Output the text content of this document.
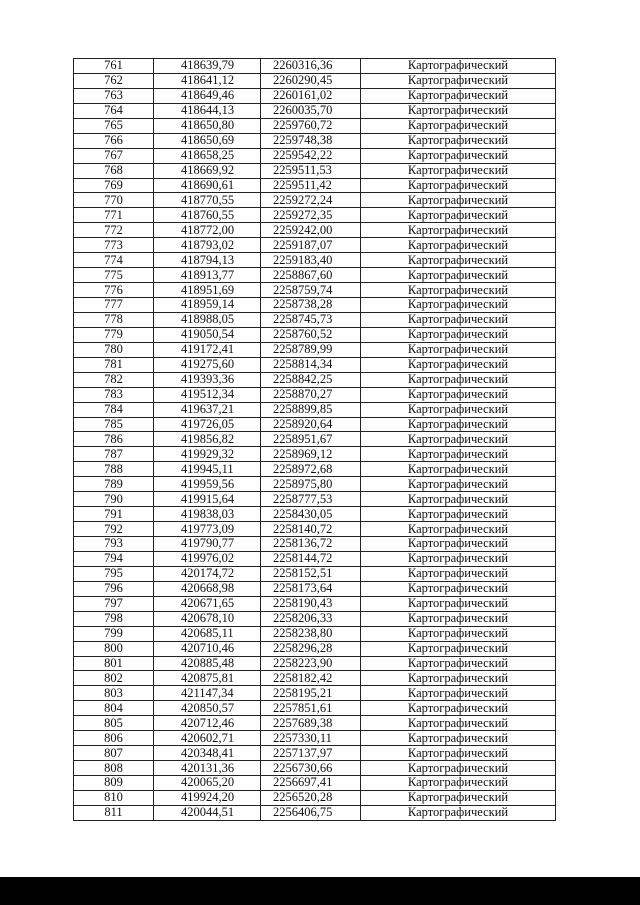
761	418639,79	2260316,36	Картографический
762	418641,12	2260290,45	Картографический
763	418649,46	2260161,02	Картографический
764	418644,13	2260035,70	Картографический
765	418650,80	2259760,72	Картографический
766	418650,69	2259748,38	Картографический
767	418658,25	2259542,22	Картографический
768	418669,92	2259511,53	Картографический
769	418690,61	2259511,42	Картографический
770	418770,55	2259272,24	Картографический
771	418760,55	2259272,35	Картографический
772	418772,00	2259242,00	Картографический
773	418793,02	2259187,07	Картографический
774	418794,13	2259183,40	Картографический
775	418913,77	2258867,60	Картографический
776	418951,69	2258759,74	Картографический
777	418959,14	2258738,28	Картографический
778	418988,05	2258745,73	Картографический
779	419050,54	2258760,52	Картографический
780	419172,41	2258789,99	Картографический
781	419275,60	2258814,34	Картографический
782	419393,36	2258842,25	Картографический
783	419512,34	2258870,27	Картографический
784	419637,21	2258899,85	Картографический
785	419726,05	2258920,64	Картографический
786	419856,82	2258951,67	Картографический
787	419929,32	2258969,12	Картографический
788	419945,11	2258972,68	Картографический
789	419959,56	2258975,80	Картографический
790	419915,64	2258777,53	Картографический
791	419838,03	2258430,05	Картографический
792	419773,09	2258140,72	Картографический
793	419790,77	2258136,72	Картографический
794	419976,02	2258144,72	Картографический
795	420174,72	2258152,51	Картографический
796	420668,98	2258173,64	Картографический
797	420671,65	2258190,43	Картографический
798	420678,10	2258206,33	Картографический
799	420685,11	2258238,80	Картографический
800	420710,46	2258296,28	Картографический
801	420885,48	2258223,90	Картографический
802	420875,81	2258182,42	Картографический
803	421147,34	2258195,21	Картографический
804	420850,57	2257851,61	Картографический
805	420712,46	2257689,38	Картографический
806	420602,71	2257330,11	Картографический
807	420348,41	2257137,97	Картографический
808	420131,36	2256730,66	Картографический
809	420065,20	2256697,41	Картографический
810	419924,20	2256520,28	Картографический
811	420044,51	2256406,75	Картографический
